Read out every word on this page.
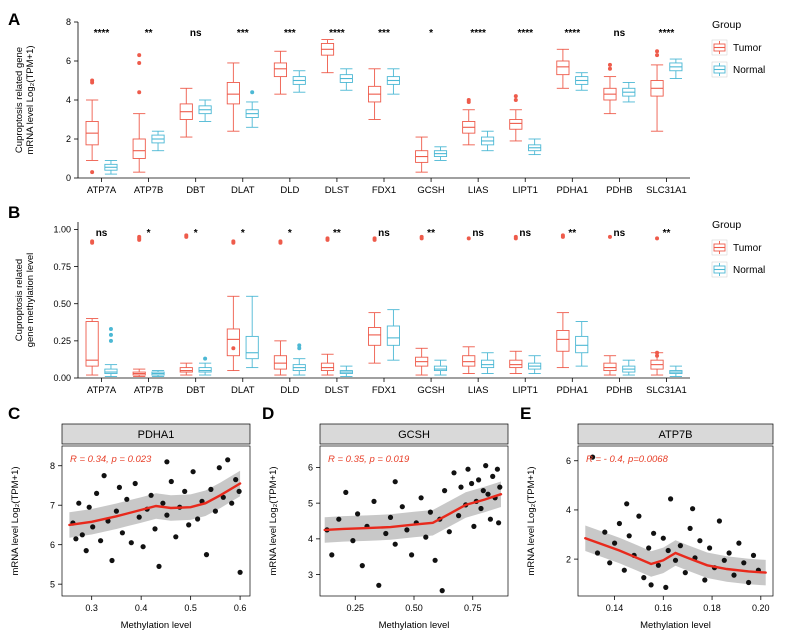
A
B
C	D	E
0
2
4
6
8
ATP7A
****
ATP7B
**
DBT
ns
DLAT
***
DLD
***
DLST
****
FDX1
***
GCSH
*
LIAS
****
LIPT1
****
PDHA1
****
PDHB
ns
SLC31A1
****
Cuproptosis related gene mRNA level Log₂(TPM+1)
Group
Tumor
Normal
0.00
0.25
0.50
0.75
1.00
ATP7A
ns
ATP7B
*
DBT
*
DLAT
*
DLD
*
DLST
**
FDX1
ns
GCSH
**
LIAS
ns
LIPT1
ns
PDHA1
**
PDHB
ns
SLC31A1
**
Cuproptosis related gene methylation level
Group
Tumor
Normal
PDHA1
0.3	0.4	0.5	0.6
5
6
7
8
R = 0.34, p = 0.023
Methylation level
mRNA level Log₂(TPM+1)
GCSH
0.25	0.50	0.75
3
4
5
6
R = 0.35, p = 0.019
Methylation level
mRNA level Log₂(TPM+1)
ATP7B
0.14	0.16	0.18	0.20
2
4
6 R = - 0.4, p=0.0068
Methylation level
mRNA level Log₂(TPM+1)
